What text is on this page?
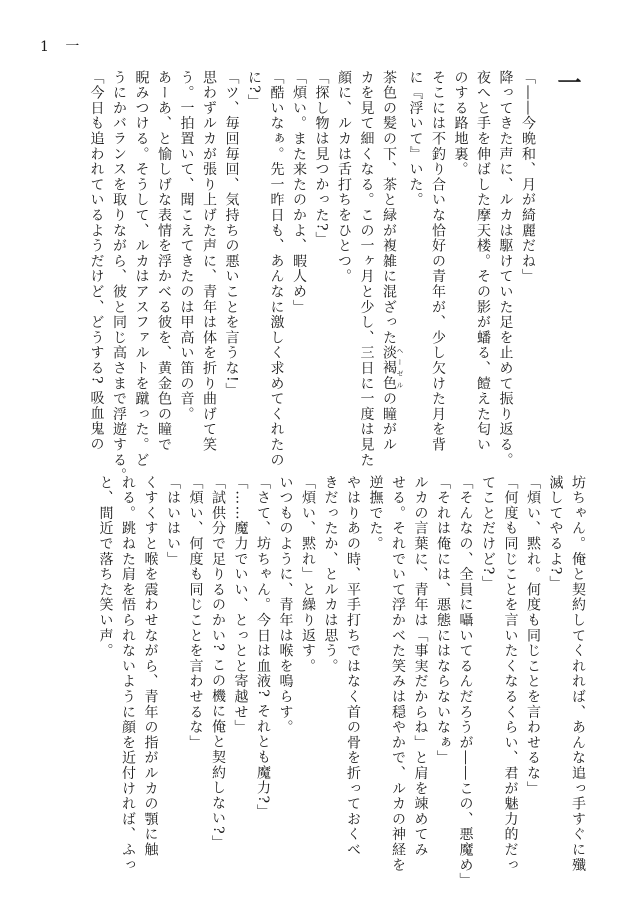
1 一
一
「――今晩和、月が綺麗だね」
降ってきた声に、ルカは駆けていた足を止めて振り返る。
夜へと手を伸ばした摩天楼。その影が蟠る、饐えた匂い
のする路地裏。
そこには不釣り合いな恰好の青年が、少し欠けた月を背
に『浮いて』いた。
茶色の髪の下、茶と緑が複雑に混ざった淡褐色 ヘーゼルの瞳がル
カを見て細くなる。この一ヶ月と少し、三日に一度は見た
顔に、ルカは舌打ちをひとつ。
「探し物は見つかった?」
「煩い。また来たのかよ、暇人め」
「酷いなぁ。先一昨日も、あんなに激しく求めてくれたの
に?」
「ツ、毎回毎回、気持ちの悪いことを言うな!」
思わずルカが張り上げた声に、青年は体を折り曲げて笑
う。一拍置いて、聞こえてきたのは甲高い笛の音。
あーあ、と愉しげな表情を浮かべる彼を、黄金色の瞳で
睨みつける。そうして、ルカはアスファルトを蹴った。ど
うにかバランスを取りながら、彼と同じ高さまで浮遊する。
「今日も追われているようだけど、どうする? 吸血鬼の
坊ちゃん。俺と契約してくれれば、あんな追っ手すぐに殲
滅してやるよ?」
「煩い、黙れ。何度も同じことを言わせるな」
「何度も同じことを言いたくなるくらい、君が魅力的だっ
てことだけど?」
「そんなの、全員に囁いてるんだろうが――この、悪魔め」
「それは俺には、悪態にはならないなぁ」
ルカの言葉に、青年は「事実だからね」と肩を竦めてみ
せる。それでいて浮かべた笑みは穏やかで、ルカの神経を
逆撫でた。
やはりあの時、平手打ちではなく首の骨を折っておくべ
きだったか、とルカは思う。
「煩い、黙れ」と繰り返す。
いつものように、青年は喉を鳴らす。
「さて、坊ちゃん。今日は血液? それとも魔力?」
「……魔力でいい、とっとと寄越せ」
「試供分で足りるのかい? この機に俺と契約しない?」
「煩い、何度も同じことを言わせるな」
「はいはい」
くすくすと喉を震わせながら、青年の指がルカの顎に触
れる。跳ねた肩を悟られないように顔を近付ければ、ふっ
と、間近で落ちた笑い声。
